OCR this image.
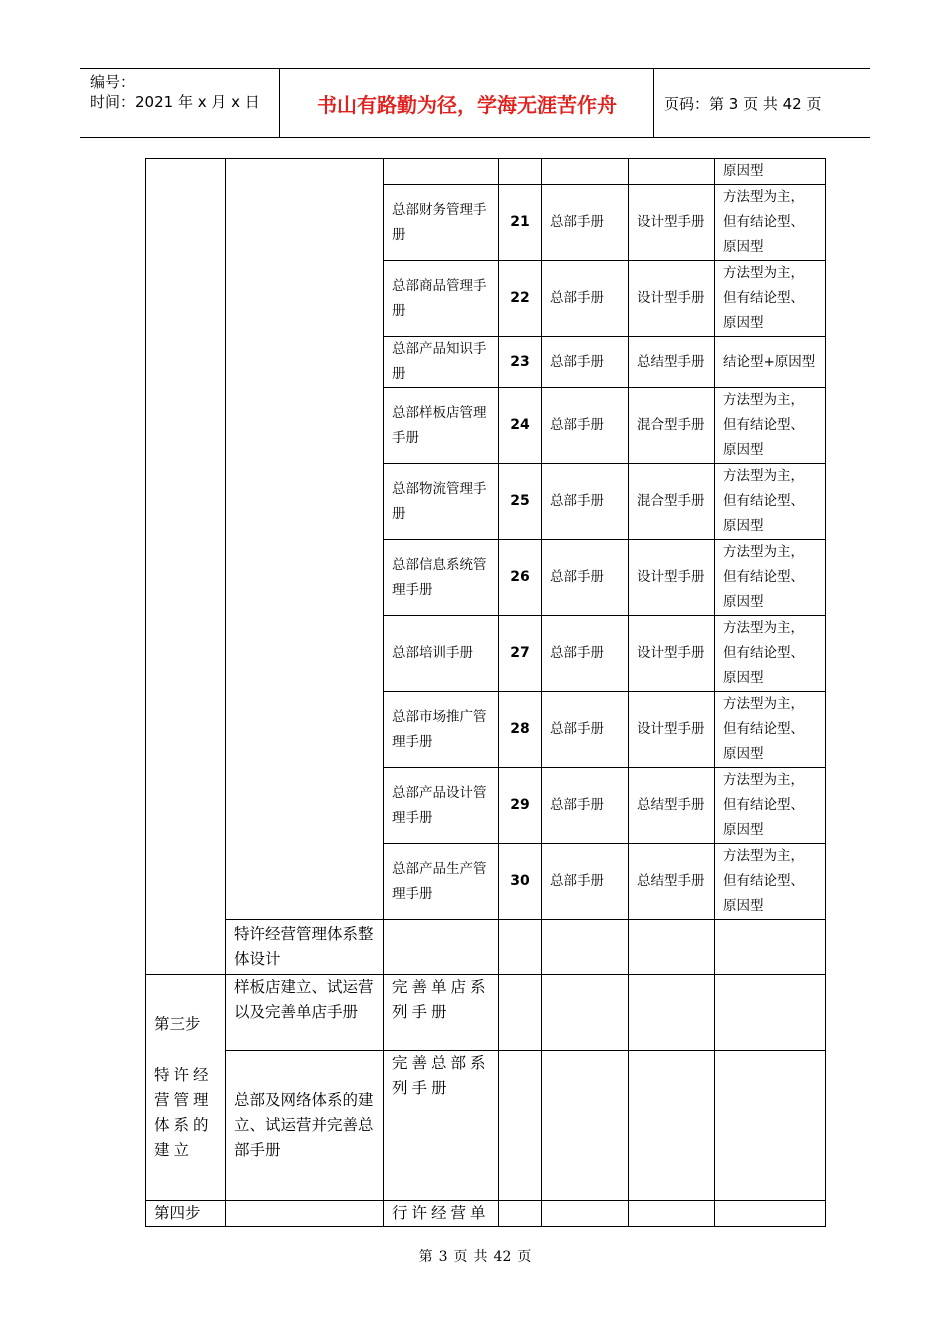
编号：
时间：2021 年 x 月 x 日	书山有路勤为径，学海无涯苦作舟	页码：第 3 页 共 42 页
						原因型
		总部财务管理手册	21	总部手册	设计型手册	方法型为主，但有结论型、原因型
		总部商品管理手册	22	总部手册	设计型手册	方法型为主，但有结论型、原因型
		总部产品知识手册	23	总部手册	总结型手册	结论型+原因型
		总部样板店管理手册	24	总部手册	混合型手册	方法型为主，但有结论型、原因型
		总部物流管理手册	25	总部手册	混合型手册	方法型为主，但有结论型、原因型
		总部信息系统管理手册	26	总部手册	设计型手册	方法型为主，但有结论型、原因型
		总部培训手册	27	总部手册	设计型手册	方法型为主，但有结论型、原因型
		总部市场推广管理手册	28	总部手册	设计型手册	方法型为主，但有结论型、原因型
		总部产品设计管理手册	29	总部手册	总结型手册	方法型为主，但有结论型、原因型
		总部产品生产管理手册	30	总部手册	总结型手册	方法型为主，但有结论型、原因型
	特许经营管理体系整体设计					

第三步
特许经营管理体系的建立	样板店建立、试运营以及完善单店手册	完善单店系列手册				
	总部及网络体系的建立、试运营并完善总部手册	完善总部系列手册				
第四步		行许经营单				
第 3 页 共 42 页
